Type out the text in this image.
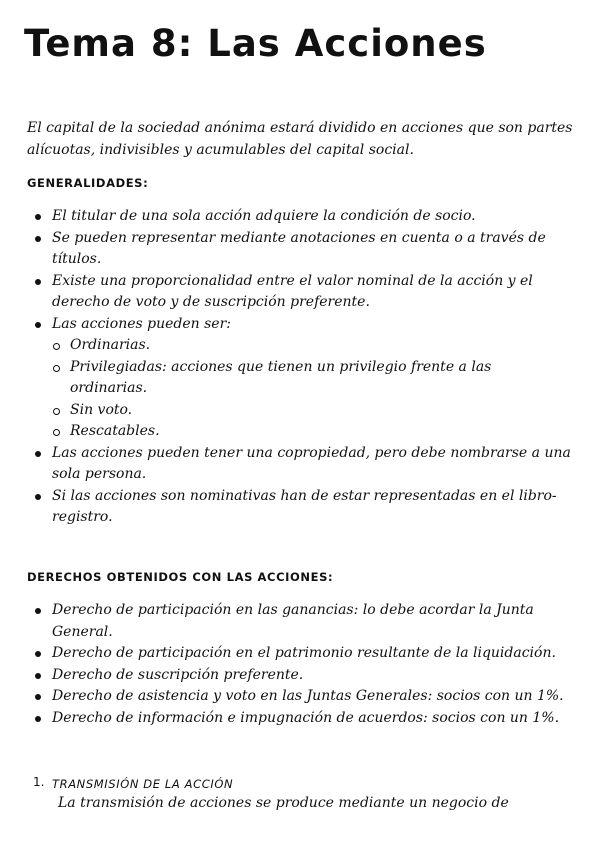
Tema 8: Las Acciones

El capital de la sociedad anónima estará dividido en acciones que son partes
alícuotas, indivisibles y acumulables del capital social.

GENERALIDADES:
El titular de una sola acción adquiere la condición de socio.
Se pueden representar mediante anotaciones en cuenta o a través de
títulos.
Existe una proporcionalidad entre el valor nominal de la acción y el
derecho de voto y de suscripción preferente.
Las acciones pueden ser:
Ordinarias.
Privilegiadas: acciones que tienen un privilegio frente a las
ordinarias.
Sin voto.
Rescatables.
Las acciones pueden tener una copropiedad, pero debe nombrarse a una
sola persona.
Si las acciones son nominativas han de estar representadas en el libro-
registro.
DERECHOS OBTENIDOS CON LAS ACCIONES:
Derecho de participación en las ganancias: lo debe acordar la Junta
General.
Derecho de participación en el patrimonio resultante de la liquidación.
Derecho de suscripción preferente.
Derecho de asistencia y voto en las Juntas Generales: socios con un 1%.
Derecho de información e impugnación de acuerdos: socios con un 1%.
1. TRANSMISIÓN DE LA ACCIÓN
La transmisión de acciones se produce mediante un negocio de
